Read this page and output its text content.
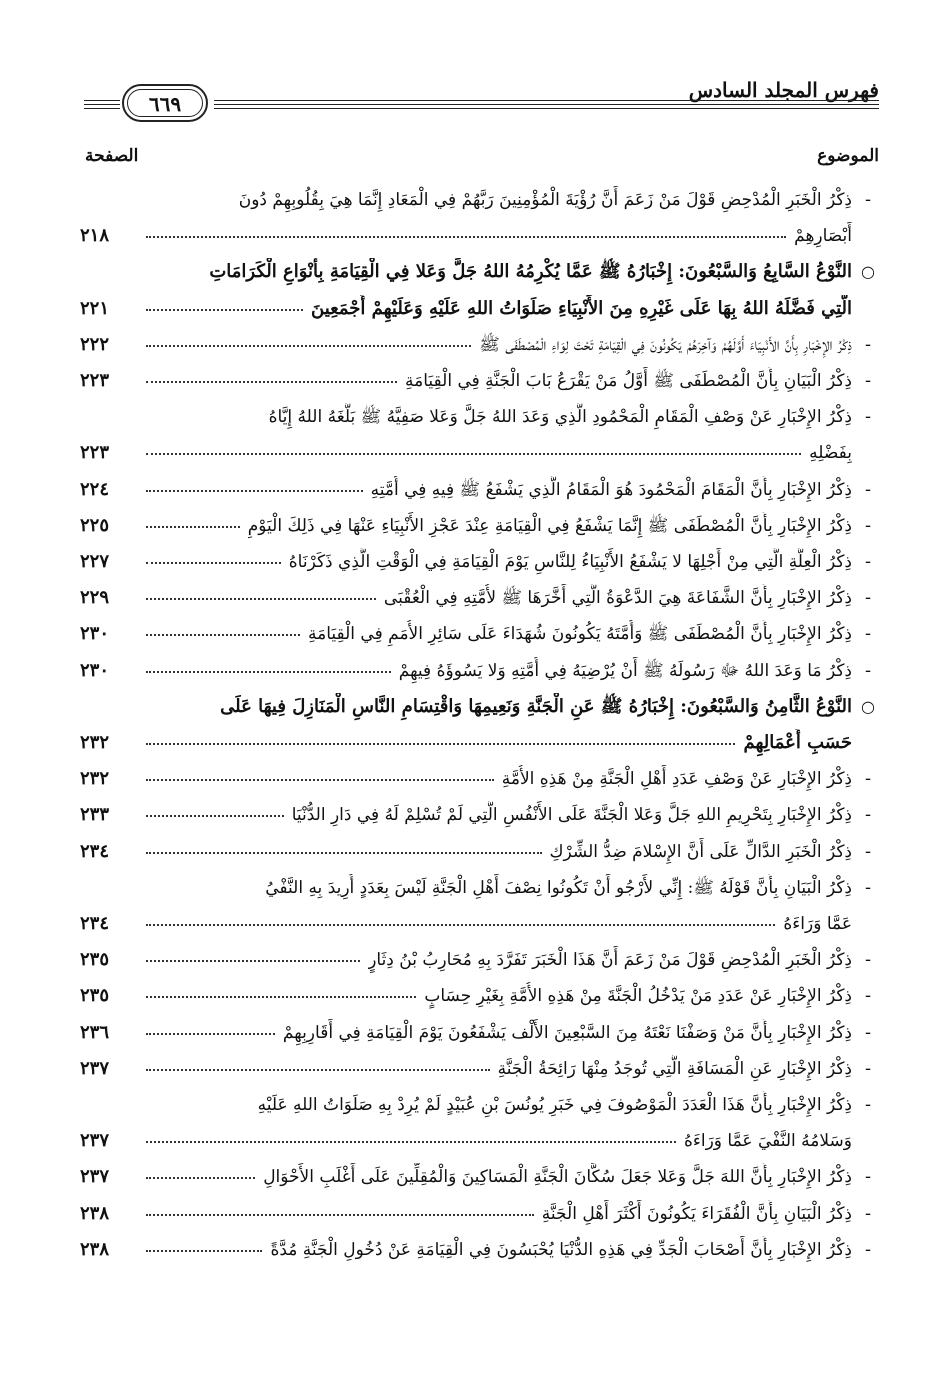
فهرس المجلد السادس
٦٦٩
الموضوع
الصفحة
-
ذِكْرُ الْخَبَرِ الْمُدْحِضِ قَوْلَ مَنْ زَعَمَ أَنَّ رُؤْيَةَ الْمُؤْمِنِينَ رَبَّهُمْ فِي الْمَعَادِ إِنَّمَا هِيَ بِقُلُوبِهِمْ دُونَ
أَبْصَارِهِمْ
٢١٨
○
النَّوْعُ السَّابِعُ وَالسَّبْعُونَ: إِخْبَارُهُ ﷺ عَمَّا يُكْرِمُهُ اللهُ جَلَّ وَعَلا فِي الْقِيَامَةِ بِأَنْوَاعِ الْكَرَامَاتِ
الَّتِي فَضَّلَهُ اللهُ بِهَا عَلَى غَيْرِهِ مِنَ الأَنْبِيَاءِ صَلَوَاتُ اللهِ عَلَيْهِ وَعَلَيْهِمْ أَجْمَعِينَ
٢٢١
-
ذِكْرُ الإِخْبَارِ بِأَنَّ الأَنْبِيَاءَ أَوَّلَهُمْ وَآخِرَهُمْ يَكُونُونَ فِي الْقِيَامَةِ تَحْتَ لِوَاءِ الْمُصْطَفَى ﷺ
٢٢٢
-
ذِكْرُ الْبَيَانِ بِأَنَّ الْمُصْطَفَى ﷺ أَوَّلُ مَنْ يَقْرَعُ بَابَ الْجَنَّةِ فِي الْقِيَامَةِ
٢٢٣
-
ذِكْرُ الإِخْبَارِ عَنْ وَصْفِ الْمَقَامِ الْمَحْمُودِ الَّذِي وَعَدَ اللهُ جَلَّ وَعَلا صَفِيَّهُ ﷺ بَلَّغَهُ اللهُ إِيَّاهُ
بِفَضْلِهِ
٢٢٣
-
ذِكْرُ الإِخْبَارِ بِأَنَّ الْمَقَامَ الْمَحْمُودَ هُوَ الْمَقَامُ الَّذِي يَشْفَعُ ﷺ فِيهِ فِي أُمَّتِهِ
٢٢٤
-
ذِكْرُ الإِخْبَارِ بِأَنَّ الْمُصْطَفَى ﷺ إِنَّمَا يَشْفَعُ فِي الْقِيَامَةِ عِنْدَ عَجْزِ الأَنْبِيَاءِ عَنْهَا فِي ذَلِكَ الْيَوْمِ
٢٢٥
-
ذِكْرُ الْعِلَّةِ الَّتِي مِنْ أَجْلِهَا لا يَشْفَعُ الأَنْبِيَاءُ لِلنَّاسِ يَوْمَ الْقِيَامَةِ فِي الْوَقْتِ الَّذِي ذَكَرْنَاهُ
٢٢٧
-
ذِكْرُ الإِخْبَارِ بِأَنَّ الشَّفَاعَةَ هِيَ الدَّعْوَةُ الَّتِي أَخَّرَهَا ﷺ لأُمَّتِهِ فِي الْعُقْبَى
٢٢٩
-
ذِكْرُ الإِخْبَارِ بِأَنَّ الْمُصْطَفَى ﷺ وَأُمَّتَهُ يَكُونُونَ شُهَدَاءَ عَلَى سَائِرِ الأُمَمِ فِي الْقِيَامَةِ
٢٣٠
-
ذِكْرُ مَا وَعَدَ اللهُ ﷻ رَسُولَهُ ﷺ أَنْ يُرْضِيَهُ فِي أُمَّتِهِ وَلا يَسُوؤَهُ فِيهِمْ
٢٣٠
○
النَّوْعُ الثَّامِنُ وَالسَّبْعُونَ: إِخْبَارُهُ ﷺ عَنِ الْجَنَّةِ وَنَعِيمِهَا وَاقْتِسَامِ النَّاسِ الْمَنَازِلَ فِيهَا عَلَى
حَسَبِ أَعْمَالِهِمْ
٢٣٢
-
ذِكْرُ الإِخْبَارِ عَنْ وَصْفِ عَدَدِ أَهْلِ الْجَنَّةِ مِنْ هَذِهِ الأُمَّةِ
٢٣٢
-
ذِكْرُ الإِخْبَارِ بِتَحْرِيمِ اللهِ جَلَّ وَعَلا الْجَنَّةَ عَلَى الأَنْفُسِ الَّتِي لَمْ تُسْلِمْ لَهُ فِي دَارِ الدُّنْيَا
٢٣٣
-
ذِكْرُ الْخَبَرِ الدَّالِّ عَلَى أَنَّ الإِسْلامَ ضِدُّ الشِّرْكِ
٢٣٤
-
ذِكْرُ الْبَيَانِ بِأَنَّ قَوْلَهُ ﷺ: إِنِّي لأَرْجُو أَنْ تَكُونُوا نِصْفَ أَهْلِ الْجَنَّةِ لَيْسَ بِعَدَدٍ أُرِيدَ بِهِ النَّفْيُ
عَمَّا وَرَاءَهُ
٢٣٤
-
ذِكْرُ الْخَبَرِ الْمُدْحِضِ قَوْلَ مَنْ زَعَمَ أَنَّ هَذَا الْخَبَرَ تَفَرَّدَ بِهِ مُحَارِبُ بْنُ دِثَارٍ
٢٣٥
-
ذِكْرُ الإِخْبَارِ عَنْ عَدَدِ مَنْ يَدْخُلُ الْجَنَّةَ مِنْ هَذِهِ الأُمَّةِ بِغَيْرِ حِسَابٍ
٢٣٥
-
ذِكْرُ الإِخْبَارِ بِأَنَّ مَنْ وَصَفْنَا نَعْتَهُ مِنَ السَّبْعِينَ الأَلْف يَشْفَعُونَ يَوْمَ الْقِيَامَةِ فِي أَقَارِبِهِمْ
٢٣٦
-
ذِكْرُ الإِخْبَارِ عَنِ الْمَسَافَةِ الَّتِي تُوجَدُ مِنْهَا رَائِحَةُ الْجَنَّةِ
٢٣٧
-
ذِكْرُ الإِخْبَارِ بِأَنَّ هَذَا الْعَدَدَ الْمَوْصُوفَ فِي خَبَرِ يُونُسَ بْنِ عُبَيْدٍ لَمْ يُرِدْ بِهِ صَلَوَاتُ اللهِ عَلَيْهِ
وَسَلامُهُ النَّفْيَ عَمَّا وَرَاءَهُ
٢٣٧
-
ذِكْرُ الإِخْبَارِ بِأَنَّ اللهَ جَلَّ وَعَلا جَعَلَ سُكَّانَ الْجَنَّةِ الْمَسَاكِينَ وَالْمُقِلِّينَ عَلَى أَغْلَبِ الأَحْوَالِ
٢٣٧
-
ذِكْرُ الْبَيَانِ بِأَنَّ الْفُقَرَاءَ يَكُونُونَ أَكْثَرَ أَهْلِ الْجَنَّةِ
٢٣٨
-
ذِكْرُ الإِخْبَارِ بِأَنَّ أَصْحَابَ الْجَدِّ فِي هَذِهِ الدُّنْيَا يُحْبَسُونَ فِي الْقِيَامَةِ عَنْ دُخُولِ الْجَنَّةِ مُدَّةً
٢٣٨
